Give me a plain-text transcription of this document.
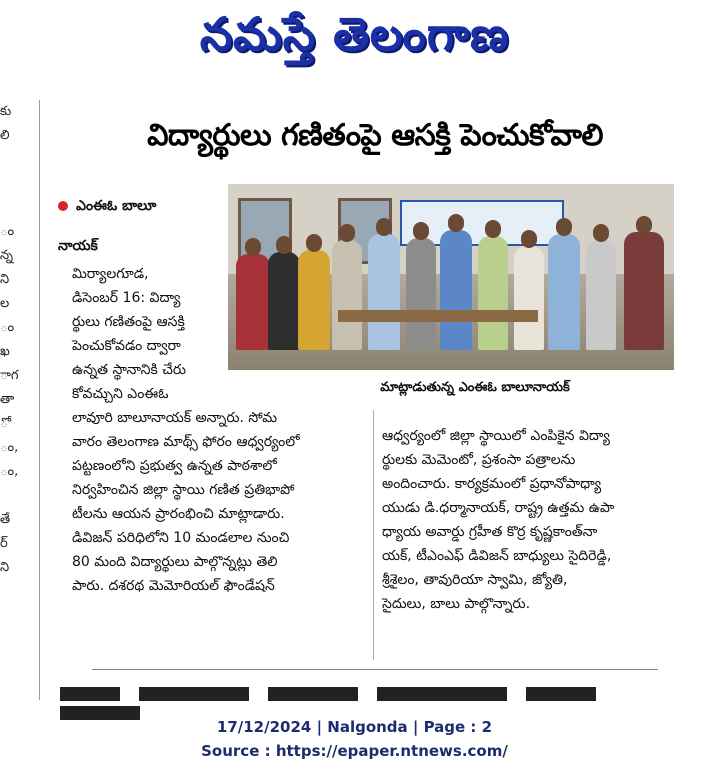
నమస్తే తెలంగాణ
కు
లి
ం
న్న
ని
ల
ం
ఖ
ాగ
తా
ో
ం,
ం,
తే
ర్
ని
విద్యార్థులు గణితంపై ఆసక్తి పెంచుకోవాలి
ఎంఈఓ బాలూ
నాయక్
మాట్లాడుతున్న ఎంఈఓ బాలూనాయక్
మిర్యాలగూడ,
డిసెంబర్ 16: విద్యా
ర్థులు గణితంపై ఆసక్తి
పెంచుకోవడం ద్వారా
ఉన్నత స్థానానికి చేరు
కోవచ్చుని ఎంఈఓ
లావూరి బాలూనాయక్ అన్నారు. సోమ
వారం తెలంగాణ మాథ్స్ ఫోరం ఆధ్వర్యంలో
పట్టణంలోని ప్రభుత్వ ఉన్నత పాఠశాలో
నిర్వహించిన జిల్లా స్థాయి గణిత ప్రతిభాపో
టీలను ఆయన ప్రారంభించి మాట్లాడారు.
డివిజన్ పరిధిలోని 10 మండలాల నుంచి
80 మంది విద్యార్థులు పాల్గొన్నట్లు తెలి
పారు. దశరథ మెమోరియల్ ఫౌండేషన్
ఆధ్వర్యంలో జిల్లా స్థాయిలో ఎంపికైన విద్యా
ర్థులకు మెమెంటో, ప్రశంసా పత్రాలను
అందించారు. కార్యక్రమంలో ప్రధానోపాధ్యా
యుడు డి.ధర్మానాయక్, రాష్ట్ర ఉత్తమ ఉపా
ధ్యాయ అవార్డు గ్రహీత కొర్ర కృష్ణకాంత్‌నా
యక్, టీఎంఎఫ్ డివిజన్ బాధ్యులు సైదిరెడ్డి,
శ్రీశైలం, తావురియా స్వామి, జ్యోతి,
సైదులు, బాలు పాల్గొన్నారు.

17/12/2024 | Nalgonda | Page : 2
Source : https://epaper.ntnews.com/
